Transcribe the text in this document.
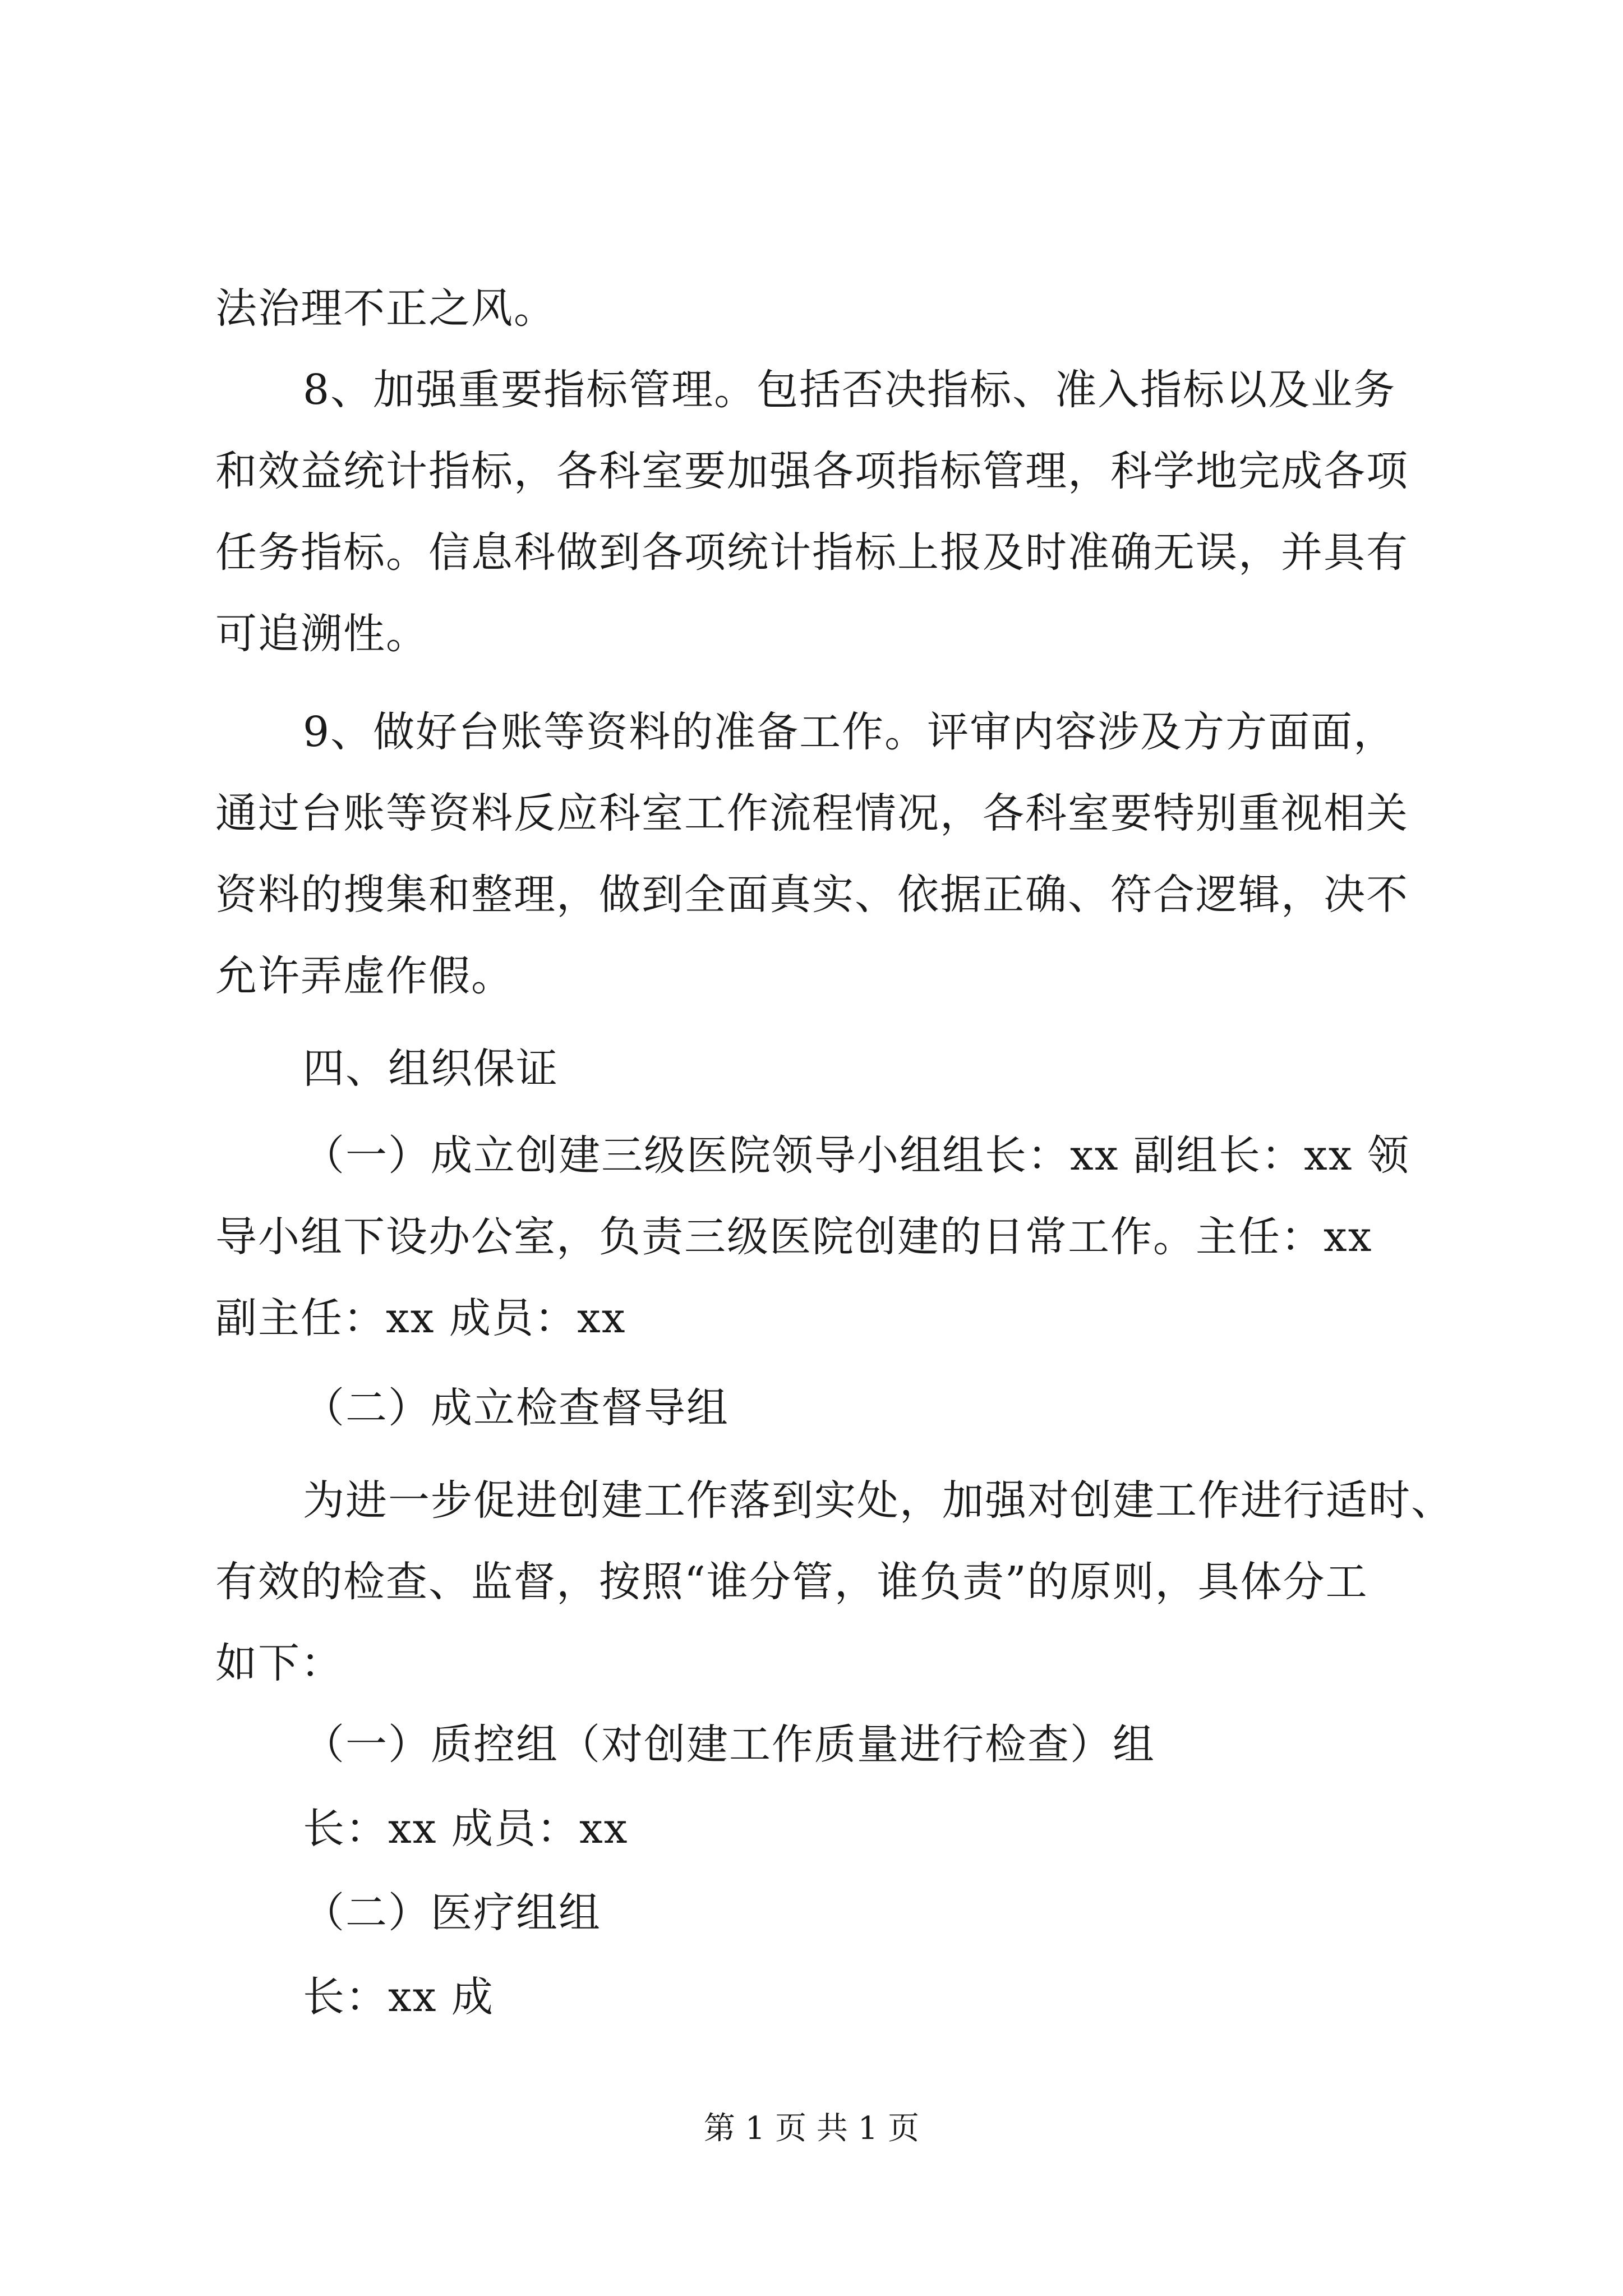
法治理不正之风。
8、加强重要指标管理。包括否决指标、准入指标以及业务
和效益统计指标，各科室要加强各项指标管理，科学地完成各项
任务指标。信息科做到各项统计指标上报及时准确无误，并具有
可追溯性。
9、做好台账等资料的准备工作。评审内容涉及方方面面，
通过台账等资料反应科室工作流程情况，各科室要特别重视相关
资料的搜集和整理，做到全面真实、依据正确、符合逻辑，决不
允许弄虚作假。
四、组织保证
（一）成立创建三级医院领导小组组长：xx 副组长：xx 领
导小组下设办公室，负责三级医院创建的日常工作。主任：xx
副主任：xx 成员：xx
（二）成立检查督导组
为进一步促进创建工作落到实处，加强对创建工作进行适时、
有效的检查、监督，按照“谁分管，谁负责”的原则，具体分工
如下：
（一）质控组（对创建工作质量进行检查）组
长：xx 成员：xx
（二）医疗组组
长：xx 成
第 1 页 共 1 页
